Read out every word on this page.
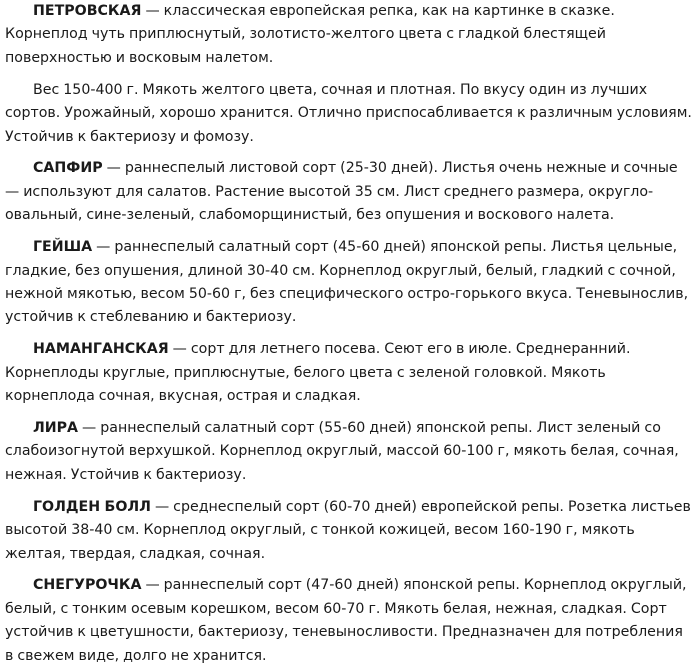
ПЕТРОВСКАЯ — классическая европейская репка, как на картинке в сказке. Корнеплод чуть приплюснутый, золотисто-желтого цвета с гладкой блестящей поверхностью и восковым налетом.

Вес 150-400 г. Мякоть желтого цвета, сочная и плотная. По вкусу один из лучших сортов. Урожайный, хорошо хранится. Отлично приспосабливается к различным условиям. Устойчив к бактериозу и фомозу.

САПФИР — раннеспелый листовой сорт (25-30 дней). Листья очень нежные и сочные — используют для салатов. Растение высотой 35 см. Лист среднего размера, округло-овальный, сине-зеленый, слабоморщинистый, без опушения и воскового налета.

ГЕЙША — раннеспелый салатный сорт (45-60 дней) японской репы. Листья цельные, гладкие, без опушения, длиной 30-40 см. Корнеплод округлый, белый, гладкий с сочной, нежной мякотью, весом 50-60 г, без специфического остро-горького вкуса. Теневынослив, устойчив к стеблеванию и бактериозу.

НАМАНГАНСКАЯ — сорт для летнего посева. Сеют его в июле. Среднеранний. Корнеплоды круглые, приплюснутые, белого цвета с зеленой головкой. Мякоть корнеплода сочная, вкусная, острая и сладкая.

ЛИРА — раннеспелый салатный сорт (55-60 дней) японской репы. Лист зеленый со слабоизогнутой верхушкой. Корнеплод округлый, массой 60-100 г, мякоть белая, сочная, нежная. Устойчив к бактериозу.

ГОЛДЕН БОЛЛ — среднеспелый сорт (60-70 дней) европейской репы. Розетка листьев высотой 38-40 см. Корнеплод округлый, с тонкой кожицей, весом 160-190 г, мякоть желтая, твердая, сладкая, сочная.

СНЕГУРОЧКА — раннеспелый сорт (47-60 дней) японской репы. Корнеплод округлый, белый, с тонким осевым корешком, весом 60-70 г. Мякоть белая, нежная, сладкая. Сорт устойчив к цветушности, бактериозу, теневыносливости. Предназначен для потребления в свежем виде, долго не хранится.
